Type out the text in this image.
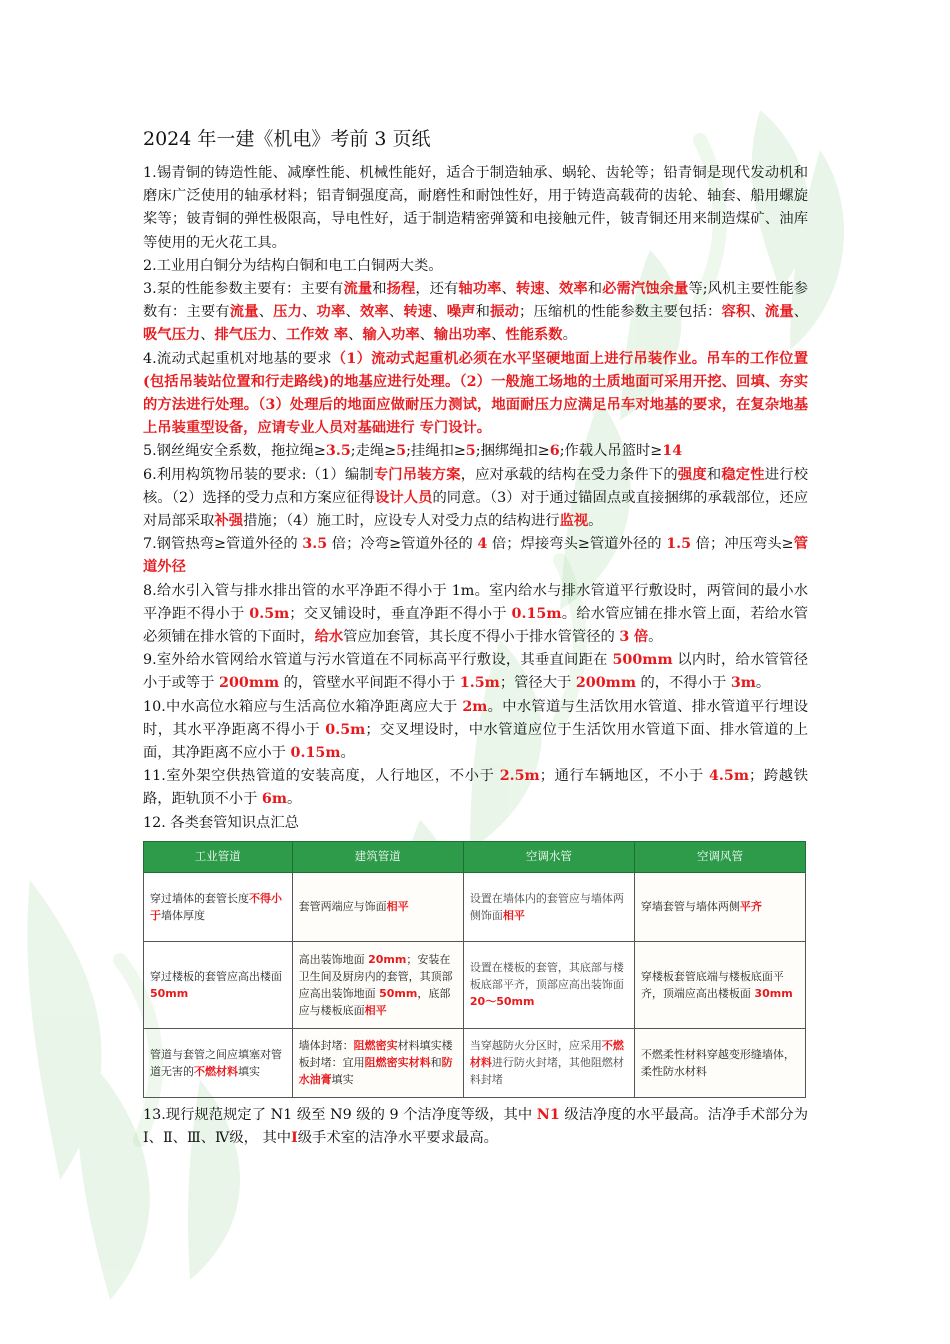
2024 年一建《机电》考前 3 页纸

1.锡青铜的铸造性能、减摩性能、机械性能好，适合于制造轴承、蜗轮、齿轮等；铅青铜是现代发动机和磨床广泛使用的轴承材料；铝青铜强度高，耐磨性和耐蚀性好，用于铸造高载荷的齿轮、轴套、船用螺旋桨等；铍青铜的弹性极限高，导电性好，适于制造精密弹簧和电接触元件，铍青铜还用来制造煤矿、油库等使用的无火花工具。

2.工业用白铜分为结构白铜和电工白铜两大类。

3.泵的性能参数主要有：主要有流量和扬程，还有轴功率、转速、效率和必需汽蚀余量等;风机主要性能参数有：主要有流量、压力、功率、效率、转速、噪声和振动；压缩机的性能参数主要包括：容积、流量、吸气压力、排气压力、工作效 率、输入功率、输出功率、性能系数。

4.流动式起重机对地基的要求（1）流动式起重机必须在水平坚硬地面上进行吊装作业。吊车的工作位置(包括吊装站位置和行走路线)的地基应进行处理。（2）一般施工场地的土质地面可采用开挖、回填、夯实的方法进行处理。（3）处理后的地面应做耐压力测试，地面耐压力应满足吊车对地基的要求，在复杂地基上吊装重型设备，应请专业人员对基础进行 专门设计。

5.钢丝绳安全系数，拖拉绳≥3.5;走绳≥5;挂绳扣≥5;捆绑绳扣≥6;作载人吊篮时≥14

6.利用构筑物吊装的要求:（1）编制专门吊装方案，应对承载的结构在受力条件下的强度和稳定性进行校核。（2）选择的受力点和方案应征得设计人员的同意。（3）对于通过锚固点或直接捆绑的承载部位，还应对局部采取补强措施；（4）施工时，应设专人对受力点的结构进行监视。

7.钢管热弯≥管道外径的 3.5 倍；冷弯≥管道外径的 4 倍；焊接弯头≥管道外径的 1.5 倍；冲压弯头≥管道外径

8.给水引入管与排水排出管的水平净距不得小于 1m。室内给水与排水管道平行敷设时，两管间的最小水平净距不得小于 0.5m；交叉铺设时，垂直净距不得小于 0.15m。给水管应铺在排水管上面，若给水管必须铺在排水管的下面时，给水管应加套管，其长度不得小于排水管管径的 3 倍。

9.室外给水管网给水管道与污水管道在不同标高平行敷设，其垂直间距在 500mm 以内时，给水管管径小于或等于 200mm 的，管壁水平间距不得小于 1.5m；管径大于 200mm 的，不得小于 3m。

10.中水高位水箱应与生活高位水箱净距离应大于 2m。中水管道与生活饮用水管道、排水管道平行埋设时，其水平净距离不得小于 0.5m；交叉埋设时，中水管道应位于生活饮用水管道下面、排水管道的上面，其净距离不应小于 0.15m。

11.室外架空供热管道的安装高度，人行地区，不小于 2.5m；通行车辆地区，不小于 4.5m；跨越铁路，距轨顶不小于 6m。

12. 各类套管知识点汇总

工业管道	建筑管道	空调水管	空调风管
穿过墙体的套管长度不得小于墙体厚度	套管两端应与饰面相平	设置在墙体内的套管应与墙体两侧饰面相平	穿墙套管与墙体两侧平齐
穿过楼板的套管应高出楼面 50mm	高出装饰地面 20mm；安装在卫生间及厨房内的套管，其顶部应高出装饰地面 50mm，底部应与楼板底面相平	设置在楼板的套管，其底部与楼板底部平齐，顶部应高出装饰面 20～50mm	穿楼板套管底端与楼板底面平齐，顶端应高出楼板面 30mm
管道与套管之间应填塞对管道无害的不燃材料填实	墙体封堵：阻燃密实材料填实楼板封堵：宜用阻燃密实材料和防水油膏填实	当穿越防火分区时，应采用不燃材料进行防火封堵，其他阻燃材料封堵	不燃柔性材料穿越变形缝墙体，柔性防水材料

13.现行规范规定了 N1 级至 N9 级的 9 个洁净度等级，其中 N1 级洁净度的水平最高。洁净手术部分为Ⅰ、Ⅱ、Ⅲ、Ⅳ级， 其中Ⅰ级手术室的洁净水平要求最高。
